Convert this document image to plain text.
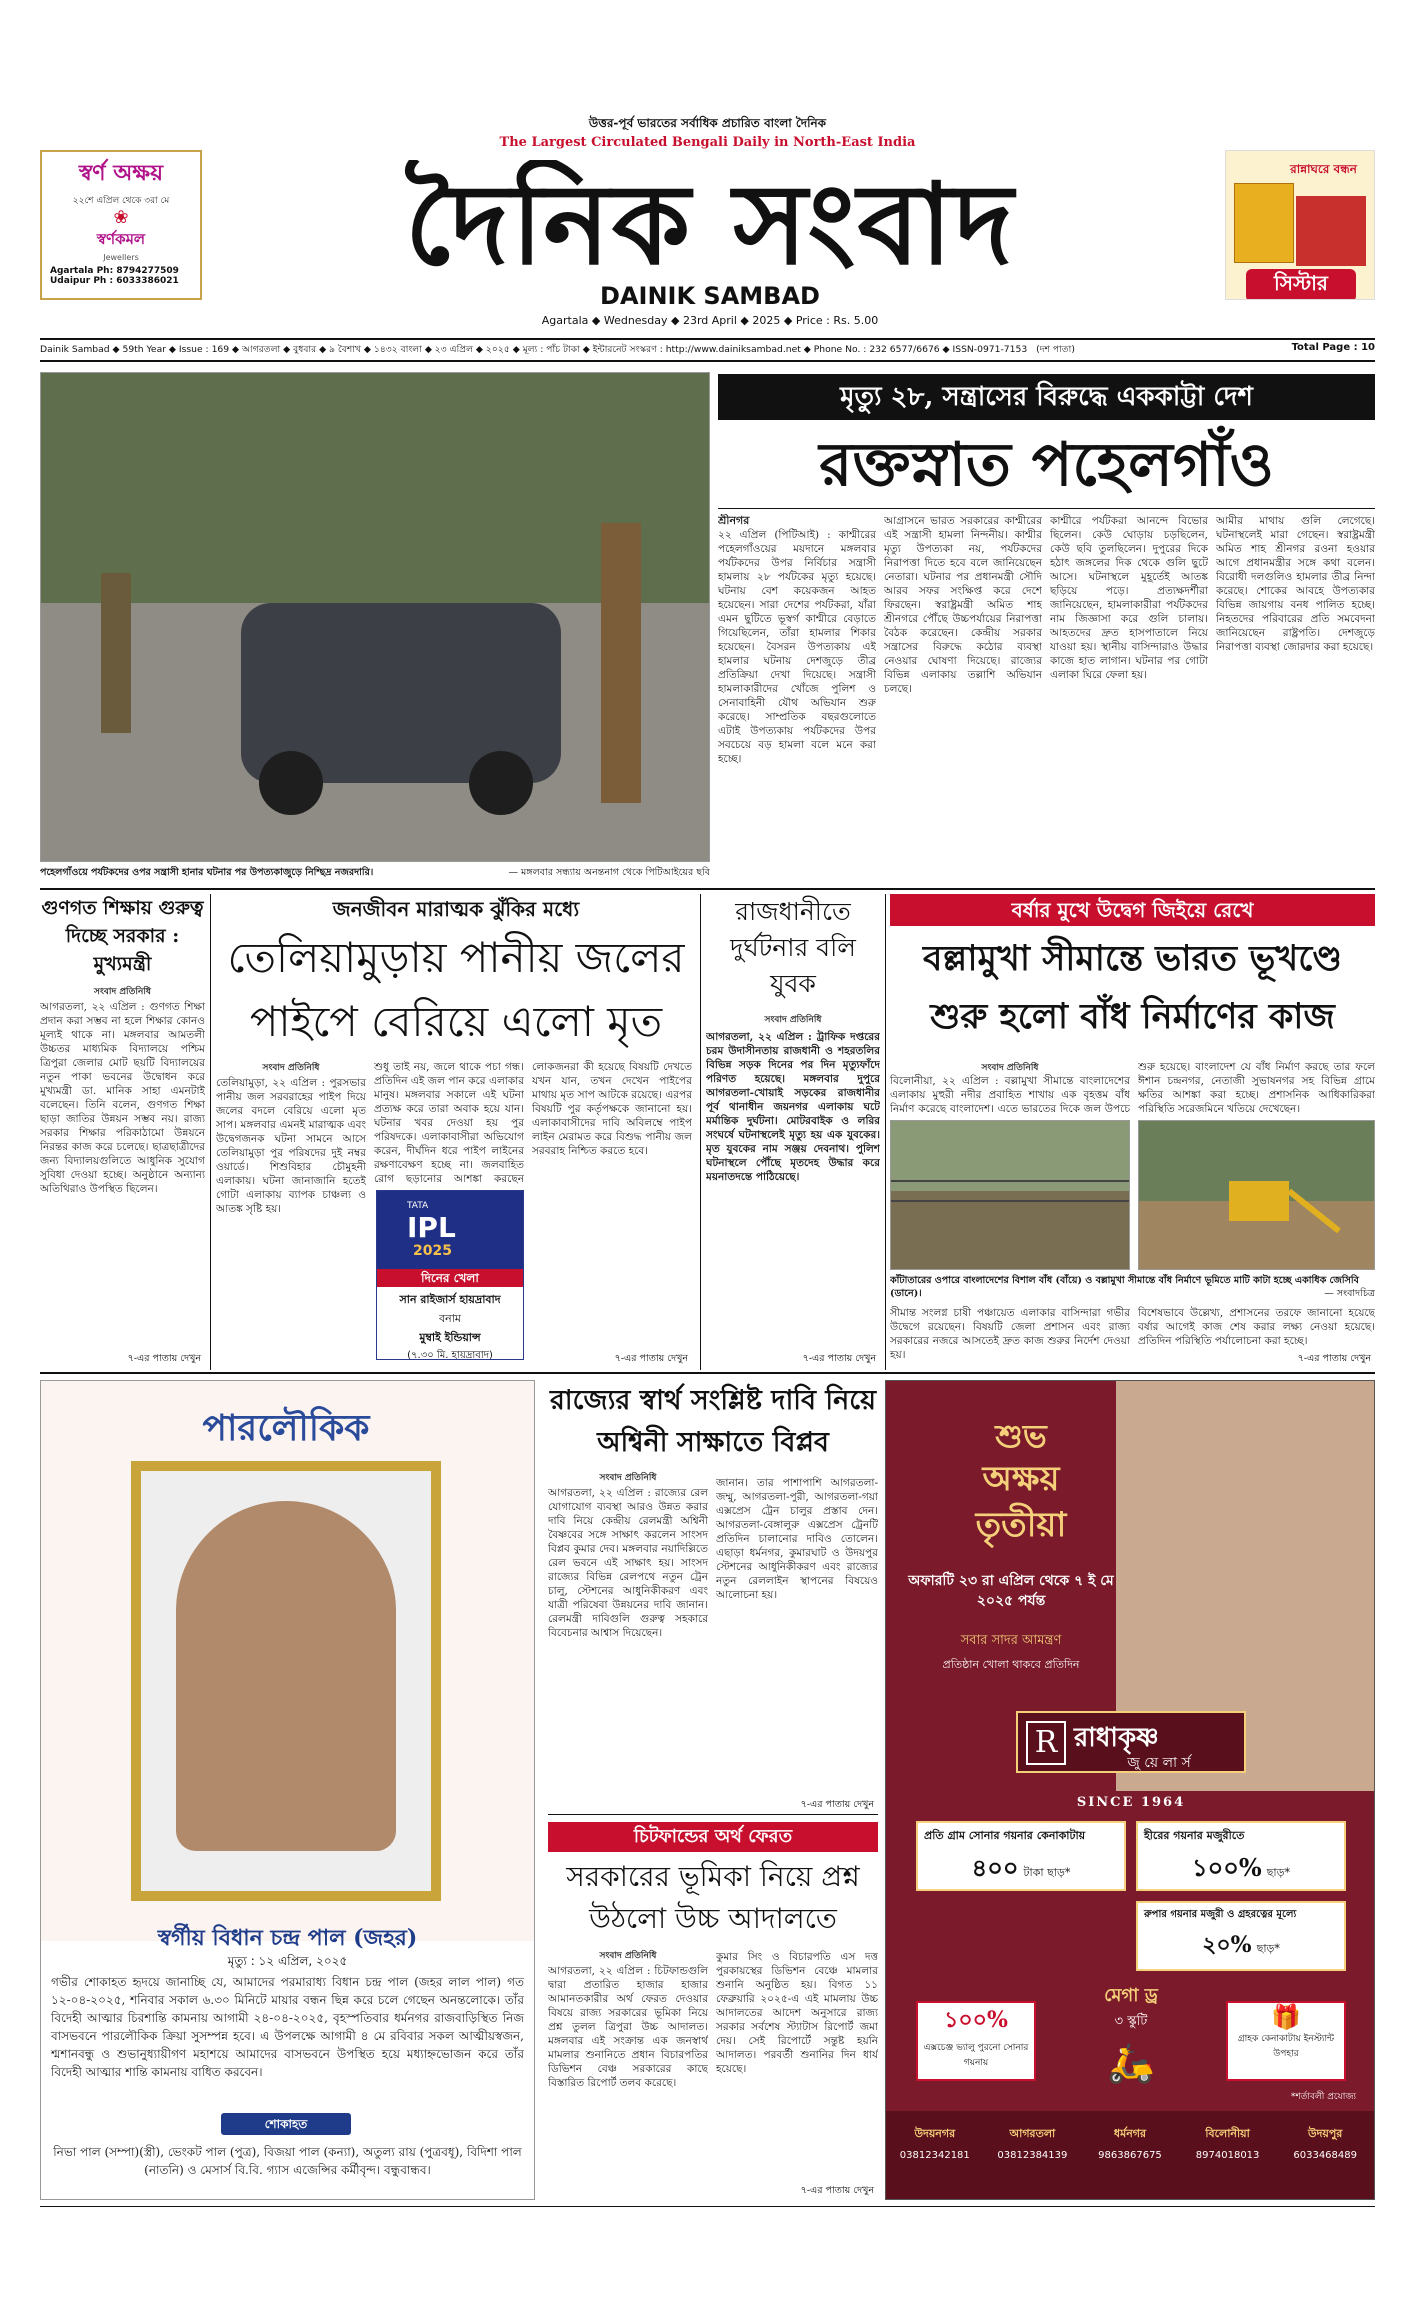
উত্তর-পূর্ব ভারতের সর্বাধিক প্রচারিত বাংলা দৈনিক
The Largest Circulated Bengali Daily in North-East India
দৈনিক সংবাদ
DAINIK SAMBAD
Agartala ◆ Wednesday ◆ 23rd April ◆ 2025 ◆ Price : Rs. 5.00
স্বর্ণ অক্ষয়
২২শে এপ্রিল থেকে ৩রা মে
❀
স্বর্ণকমল
Jewellers
Agartala Ph: 8794277509
Udaipur Ph : 6033386021
রান্নাঘরে বন্ধন
সিস্টার
Dainik Sambad ◆ 59th Year ◆ Issue : 169 ◆ আগরতলা ◆ বুধবার ◆ ৯ বৈশাখ ◆ ১৪৩২ বাংলা ◆ ২৩ এপ্রিল ◆ ২০২৫ ◆ মূল্য : পাঁচ টাকা ◆ ইন্টারনেট সংস্করণ : http://www.dainiksambad.net ◆ Phone No. : 232 6577/6676 ◆ ISSN-0971-7153 (দশ পাতা)	Total Page : 10
পহেলগাঁওয়ে পর্যটকদের ওপর সন্ত্রাসী হানার ঘটনার পর উপত্যকাজুড়ে নিশ্ছিদ্র নজরদারি।	— মঙ্গলবার সন্ধ্যায় অনন্তনাগ থেকে পিটিআইয়ের ছবি
মৃত্যু ২৮, সন্ত্রাসের বিরুদ্ধে এককাট্টা দেশ
রক্তস্নাত পহেলগাঁও
শ্রীনগর
২২ এপ্রিল (পিটিআই) : কাশ্মীরের পহেলগাঁওয়ের ময়দানে মঙ্গলবার পর্যটকদের উপর নির্বিচার সন্ত্রাসী হামলায় ২৮ পর্যটকের মৃত্যু হয়েছে। ঘটনায় বেশ কয়েকজন আহত হয়েছেন। সারা দেশের পর্যটকরা, যাঁরা এমন ছুটিতে ভূস্বর্গ কাশ্মীরে বেড়াতে গিয়েছিলেন, তাঁরা হামলার শিকার হয়েছেন। বৈসরন উপত্যকায় এই হামলার ঘটনায় দেশজুড়ে তীব্র প্রতিক্রিয়া দেখা দিয়েছে। সন্ত্রাসী হামলাকারীদের খোঁজে পুলিশ ও সেনাবাহিনী যৌথ অভিযান শুরু করেছে। সাম্প্রতিক বছরগুলোতে এটাই উপত্যকায় পর্যটকদের উপর সবচেয়ে বড় হামলা বলে মনে করা হচ্ছে।
আগ্রাসনে ভারত সরকারের কাশ্মীরের এই সন্ত্রাসী হামলা নিন্দনীয়। কাশ্মীর মৃত্যু উপত্যকা নয়, পর্যটকদের নিরাপত্তা দিতে হবে বলে জানিয়েছেন নেতারা। ঘটনার পর প্রধানমন্ত্রী সৌদি আরব সফর সংক্ষিপ্ত করে দেশে ফিরছেন। স্বরাষ্ট্রমন্ত্রী অমিত শাহ শ্রীনগরে পৌঁছে উচ্চপর্যায়ের নিরাপত্তা বৈঠক করেছেন। কেন্দ্রীয় সরকার সন্ত্রাসের বিরুদ্ধে কঠোর ব্যবস্থা নেওয়ার ঘোষণা দিয়েছে। রাজ্যের বিভিন্ন এলাকায় তল্লাশি অভিযান চলছে।
কাশ্মীরে পর্যটকরা আনন্দে বিভোর ছিলেন। কেউ ঘোড়ায় চড়ছিলেন, কেউ ছবি তুলছিলেন। দুপুরের দিকে হঠাৎ জঙ্গলের দিক থেকে গুলি ছুটে আসে। ঘটনাস্থলে মুহূর্তেই আতঙ্ক ছড়িয়ে পড়ে। প্রত্যক্ষদর্শীরা জানিয়েছেন, হামলাকারীরা পর্যটকদের নাম জিজ্ঞাসা করে গুলি চালায়। আহতদের দ্রুত হাসপাতালে নিয়ে যাওয়া হয়। স্থানীয় বাসিন্দারাও উদ্ধার কাজে হাত লাগান। ঘটনার পর গোটা এলাকা ঘিরে ফেলা হয়।
আমীর মাথায় গুলি লেগেছে। ঘটনাস্থলেই মারা গেছেন। স্বরাষ্ট্রমন্ত্রী অমিত শাহ শ্রীনগর রওনা হওয়ার আগে প্রধানমন্ত্রীর সঙ্গে কথা বলেন। বিরোধী দলগুলিও হামলার তীব্র নিন্দা করেছে। শোকের আবহে উপত্যকার বিভিন্ন জায়গায় বনধ পালিত হচ্ছে। নিহতদের পরিবারের প্রতি সমবেদনা জানিয়েছেন রাষ্ট্রপতি। দেশজুড়ে নিরাপত্তা ব্যবস্থা জোরদার করা হয়েছে।
গুণগত শিক্ষায় গুরুত্ব দিচ্ছে সরকার : মুখ্যমন্ত্রী
সংবাদ প্রতিনিধি
আগরতলা, ২২ এপ্রিল : গুণগত শিক্ষা প্রদান করা সম্ভব না হলে শিক্ষার কোনও মূল্যই থাকে না। মঙ্গলবার আমতলী উচ্চতর মাধ্যমিক বিদ্যালয়ে পশ্চিম ত্রিপুরা জেলার মোট ছয়টি বিদ্যালয়ের নতুন পাকা ভবনের উদ্বোধন করে মুখ্যমন্ত্রী ডা. মানিক সাহা এমনটাই বলেছেন। তিনি বলেন, গুণগত শিক্ষা ছাড়া জাতির উন্নয়ন সম্ভব নয়। রাজ্য সরকার শিক্ষার পরিকাঠামো উন্নয়নে নিরন্তর কাজ করে চলেছে। ছাত্রছাত্রীদের জন্য বিদ্যালয়গুলিতে আধুনিক সুযোগ সুবিধা দেওয়া হচ্ছে। অনুষ্ঠানে অন্যান্য অতিথিরাও উপস্থিত ছিলেন।
৭-এর পাতায় দেখুন
জনজীবন মারাত্মক ঝুঁকির মধ্যে
তেলিয়ামুড়ায় পানীয় জলের পাইপে বেরিয়ে এলো মৃত
সংবাদ প্রতিনিধি
তেলিয়ামুড়া, ২২ এপ্রিল : পুরসভার পানীয় জল সরবরাহের পাইপ দিয়ে জলের বদলে বেরিয়ে এলো মৃত সাপ। মঙ্গলবার এমনই মারাত্মক এবং উদ্বেগজনক ঘটনা সামনে আসে তেলিয়ামুড়া পুর পরিষদের দুই নম্বর ওয়ার্ডে। শিশুবিহার চৌমুহনী এলাকায়। ঘটনা জানাজানি হতেই গোটা এলাকায় ব্যাপক চাঞ্চল্য ও আতঙ্ক সৃষ্টি হয়।
শুধু তাই নয়, জলে থাকে পচা গন্ধ। প্রতিদিন এই জল পান করে এলাকার মানুষ। মঙ্গলবার সকালে এই ঘটনা প্রত্যক্ষ করে তারা অবাক হয়ে যান। ঘটনার খবর দেওয়া হয় পুর পরিষদকে। এলাকাবাসীরা অভিযোগ করেন, দীর্ঘদিন ধরে পাইপ লাইনের রক্ষণাবেক্ষণ হচ্ছে না। জলবাহিত রোগ ছড়ানোর আশঙ্কা করছেন
লোকজনরা কী হয়েছে বিষয়টি দেখতে যখন যান, তখন দেখেন পাইপের মাথায় মৃত সাপ আটকে রয়েছে। এরপর বিষয়টি পুর কর্তৃপক্ষকে জানানো হয়। এলাকাবাসীদের দাবি অবিলম্বে পাইপ লাইন মেরামত করে বিশুদ্ধ পানীয় জল সরবরাহ নিশ্চিত করতে হবে।
৭-এর পাতায় দেখুন
TATA
IPL
2025
দিনের খেলা
সান রাইজার্স হায়দ্রাবাদ
বনাম
মুম্বাই ইন্ডিয়ান্স
(৭.৩০ মি. হায়দ্রাবাদ)
রাজধানীতে দুর্ঘটনার বলি যুবক
সংবাদ প্রতিনিধি
আগরতলা, ২২ এপ্রিল : ট্রাফিক দপ্তরের চরম উদাসীনতায় রাজধানী ও শহরতলির বিভিন্ন সড়ক দিনের পর দিন মৃত্যুফাঁদে পরিণত হয়েছে। মঙ্গলবার দুপুরে আগরতলা-খোয়াই সড়কের রাজধানীর পূর্ব থানাধীন জয়নগর এলাকায় ঘটে মর্মান্তিক দুর্ঘটনা। মোটরবাইক ও লরির সংঘর্ষে ঘটনাস্থলেই মৃত্যু হয় এক যুবকের। মৃত যুবকের নাম সঞ্জয় দেবনাথ। পুলিশ ঘটনাস্থলে পৌঁছে মৃতদেহ উদ্ধার করে ময়নাতদন্তে পাঠিয়েছে।
৭-এর পাতায় দেখুন
বর্ষার মুখে উদ্বেগ জিইয়ে রেখে
বল্লামুখা সীমান্তে ভারত ভূখণ্ডে শুরু হলো বাঁধ নির্মাণের কাজ
সংবাদ প্রতিনিধি
বিলোনীয়া, ২২ এপ্রিল : বল্লামুখা সীমান্তে বাংলাদেশের এলাকায় মুহুরী নদীর প্রবাহিত শাখায় এক বৃহত্তম বাঁধ নির্মাণ করেছে বাংলাদেশ। এতে ভারতের দিকে জল উপচে
শুরু হয়েছে। বাংলাদেশ যে বাঁধ নির্মাণ করছে তার ফলে ঈশান চন্দ্রনগর, নেতাজী সুভাষনগর সহ বিভিন্ন গ্রামে ক্ষতির আশঙ্কা করা হচ্ছে। প্রশাসনিক আধিকারিকরা পরিস্থিতি সরেজমিনে খতিয়ে দেখেছেন।
কাঁটাতারের ওপারে বাংলাদেশের বিশাল বাঁধ (বাঁয়ে) ও বল্লামুখা সীমান্তে বাঁধ নির্মাণে ভূমিতে মাটি কাটা হচ্ছে একাধিক জেসিবি (ডানে)।	— সংবাদচিত্র
সীমান্ত সংলগ্ন চাষী পঞ্চায়েত এলাকার বাসিন্দারা গভীর উদ্বেগে রয়েছেন। বিষয়টি জেলা প্রশাসন এবং রাজ্য সরকারের নজরে আসতেই দ্রুত কাজ শুরুর নির্দেশ দেওয়া হয়।
বিশেষভাবে উল্লেখ্য, প্রশাসনের তরফে জানানো হয়েছে বর্ষার আগেই কাজ শেষ করার লক্ষ্য নেওয়া হয়েছে। প্রতিদিন পরিস্থিতি পর্যালোচনা করা হচ্ছে।
৭-এর পাতায় দেখুন
পারলৌকিক
স্বর্গীয় বিধান চন্দ্র পাল (জহর)
মৃত্যু : ১২ এপ্রিল, ২০২৫
গভীর শোকাহত হৃদয়ে জানাচ্ছি যে, আমাদের পরমারাধ্য বিধান চন্দ্র পাল (জহর লাল পাল) গত ১২-০৪-২০২৫, শনিবার সকাল ৬.৩০ মিনিটে মায়ার বন্ধন ছিন্ন করে চলে গেছেন অনন্তলোকে। তাঁর বিদেহী আত্মার চিরশান্তি কামনায় আগামী ২৪-০৪-২০২৫, বৃহস্পতিবার ধর্মনগর রাজবাড়িস্থিত নিজ বাসভবনে পারলৌকিক ক্রিয়া সুসম্পন্ন হবে। এ উপলক্ষে আগামী ৪ মে রবিবার সকল আত্মীয়স্বজন, শ্মশানবন্ধু ও শুভানুধ্যায়ীগণ মহাশয়ে আমাদের বাসভবনে উপস্থিত হয়ে মধ্যাহ্নভোজন করে তাঁর বিদেহী আত্মার শান্তি কামনায় বাধিত করবেন।
শোকাহত
নিভা পাল (সম্পা)(স্ত্রী), ভেংকট পাল (পুত্র), বিজয়া পাল (কন্যা), অতুল্য রায় (পুত্রবধূ), বিদিশা পাল (নাতনি) ও মেসার্স বি.বি. গ্যাস এজেন্সির কর্মীবৃন্দ। বন্ধুবান্ধব।
রাজ্যের স্বার্থ সংশ্লিষ্ট দাবি নিয়ে অশ্বিনী সাক্ষাতে বিপ্লব
সংবাদ প্রতিনিধি
আগরতলা, ২২ এপ্রিল : রাজ্যের রেল যোগাযোগ ব্যবস্থা আরও উন্নত করার দাবি নিয়ে কেন্দ্রীয় রেলমন্ত্রী অশ্বিনী বৈষ্ণবের সঙ্গে সাক্ষাৎ করলেন সাংসদ বিপ্লব কুমার দেব। মঙ্গলবার নয়াদিল্লিতে রেল ভবনে এই সাক্ষাৎ হয়। সাংসদ রাজ্যের বিভিন্ন রেলপথে নতুন ট্রেন চালু, স্টেশনের আধুনিকীকরণ এবং যাত্রী পরিষেবা উন্নয়নের দাবি জানান। রেলমন্ত্রী দাবিগুলি গুরুত্ব সহকারে বিবেচনার আশ্বাস দিয়েছেন।
জানান। তার পাশাপাশি আগরতলা-জম্মু, আগরতলা-পুরী, আগরতলা-গয়া এক্সপ্রেস ট্রেন চালুর প্রস্তাব দেন। আগরতলা-বেঙ্গালুরু এক্সপ্রেস ট্রেনটি প্রতিদিন চালানোর দাবিও তোলেন। এছাড়া ধর্মনগর, কুমারঘাট ও উদয়পুর স্টেশনের আধুনিকীকরণ এবং রাজ্যের নতুন রেললাইন স্থাপনের বিষয়েও আলোচনা হয়।
৭-এর পাতায় দেখুন
চিটফান্ডের অর্থ ফেরত
সরকারের ভূমিকা নিয়ে প্রশ্ন উঠলো উচ্চ আদালতে
সংবাদ প্রতিনিধি
আগরতলা, ২২ এপ্রিল : চিটফান্ডগুলি দ্বারা প্রতারিত হাজার হাজার আমানতকারীর অর্থ ফেরত দেওয়ার বিষয়ে রাজ্য সরকারের ভূমিকা নিয়ে প্রশ্ন তুলল ত্রিপুরা উচ্চ আদালত। মঙ্গলবার এই সংক্রান্ত এক জনস্বার্থ মামলার শুনানিতে প্রধান বিচারপতির ডিভিশন বেঞ্চ সরকারের কাছে বিস্তারিত রিপোর্ট তলব করেছে।
কুমার সিং ও বিচারপতি এস দত্ত পুরকায়স্থের ডিভিশন বেঞ্চে মামলার শুনানি অনুষ্ঠিত হয়। বিগত ১১ ফেব্রুয়ারি ২০২৫-এ এই মামলায় উচ্চ আদালতের আদেশ অনুসারে রাজ্য সরকার সর্বশেষ স্ট্যাটাস রিপোর্ট জমা দেয়। সেই রিপোর্টে সন্তুষ্ট হয়নি আদালত। পরবর্তী শুনানির দিন ধার্য হয়েছে।
৭-এর পাতায় দেখুন
শুভ
অক্ষয়
তৃতীয়া
অফারটি ২৩ রা এপ্রিল থেকে ৭ ই মে ২০২৫ পর্যন্ত
সবার সাদর আমন্ত্রণ
প্রতিষ্ঠান খোলা থাকবে প্রতিদিন
R রাধাকৃষ্ণ
জু য়ে লা র্স
SINCE 1964
প্রতি গ্রাম সোনার গয়নার কেনাকাটায়
৪০০ টাকা ছাড়*
হীরের গয়নার মজুরীতে
১০০% ছাড়*
রুপার গয়নার মজুরী ও গ্রহরত্নের মূল্যে
২০% ছাড়*
১০০%
এক্সচেঞ্জ ভ্যালু পুরনো সোনার গয়নায়
মেগা ড্র
৩ স্কুটি
🛵
🎁
গ্রাহক কেনাকাটায় ইনস্ট্যান্ট উপহার
*শর্তাবলী প্রযোজ্য
উদয়নগর
03812342181
আগরতলা
03812384139
ধর্মনগর
9863867675
বিলোনীয়া
8974018013
উদয়পুর
6033468489
